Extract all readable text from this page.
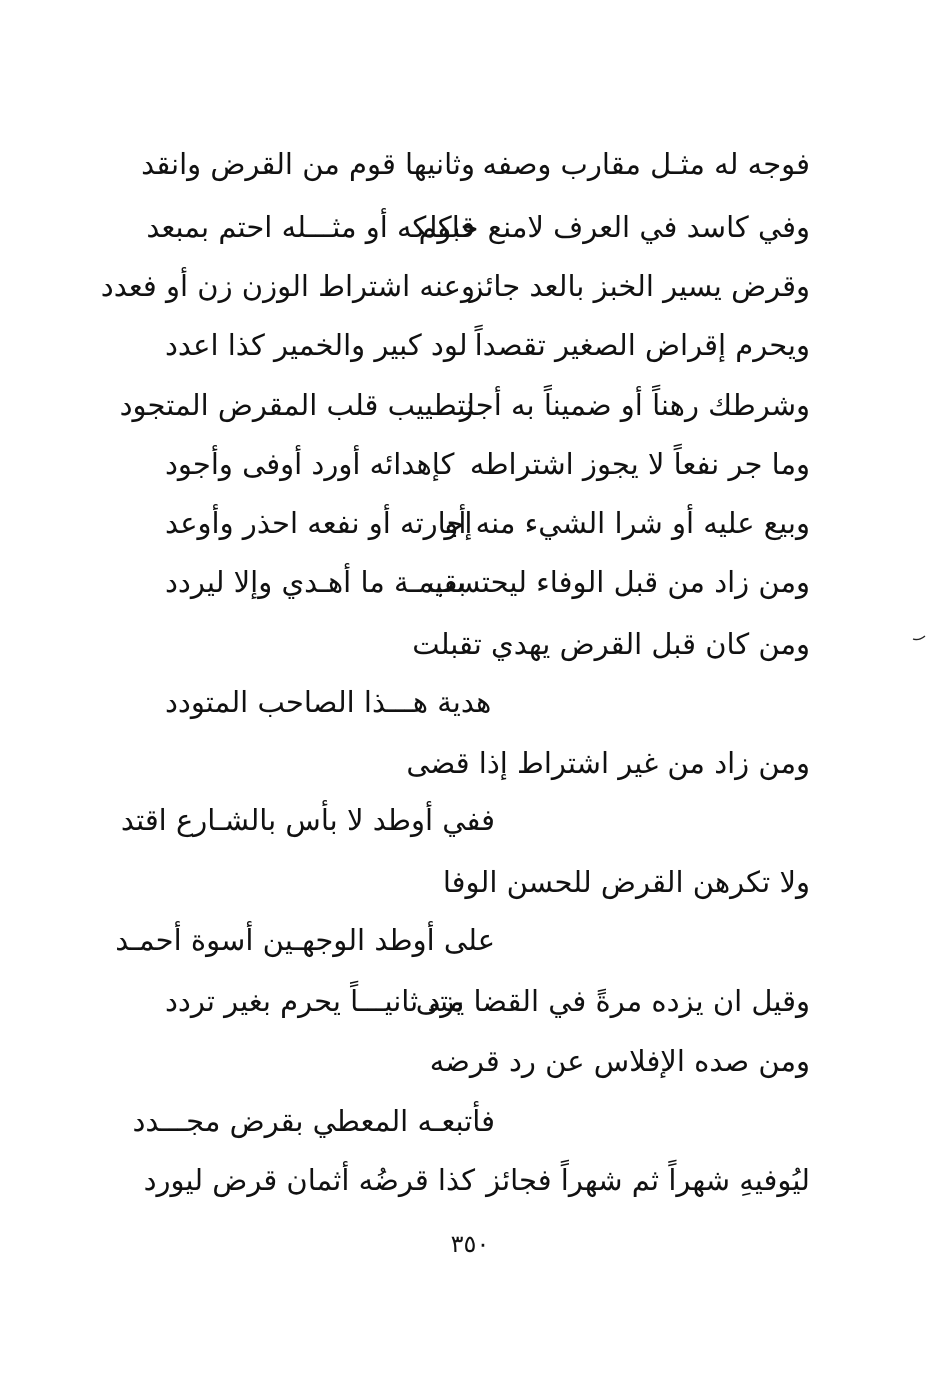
فوجه له مثـل مقارب وصفه
وثانيها قوم من القرض وانقد
وفي كاسد في العرف لامنع حاكم
قبولكه أو مثـــله احتم بمبعد
وقرض يسير الخبز بالعد جائز
وعنه اشتراط الوزن زن أو فعدد
ويحرم إقراض الصغير تقصداً
لود كبير والخمير كذا اعدد
وشرطك رهناً أو ضميناً به أجز
لتطييب قلب المقرض المتجود
وما جر نفعاً لا يجوز اشتراطه
كإهدائه أورد أوفى وأجود
وبيع عليه أو شرا الشيء منه أو
إجارته أو نفعه احذر وأوعد
ومن زاد من قبل الوفاء ليحتسب
بقيمـة ما أهـدي وإلا ليردد
ومن كان قبل القرض يهدي تقبلت
هدية هـــذا الصاحب المتودد
ومن زاد من غير اشتراط إذا قضى
ففي أوطد لا بأس بالشـارع اقتد
ولا تكرهن القرض للحسن الوفا
على أوطد الوجهـين أسوة أحمـد
وقيل ان يزده مرةً في القضا متى
يزد ثانيـــاً يحرم بغير تردد
ومن صده الإفلاس عن رد قرضه
فأتبعـه المعطي بقرض مجـــدد
ليُوفيهِ شهراً ثم شهراً فجائز
كذا قرضُه أثمان قرض ليورد
٣٥٠
